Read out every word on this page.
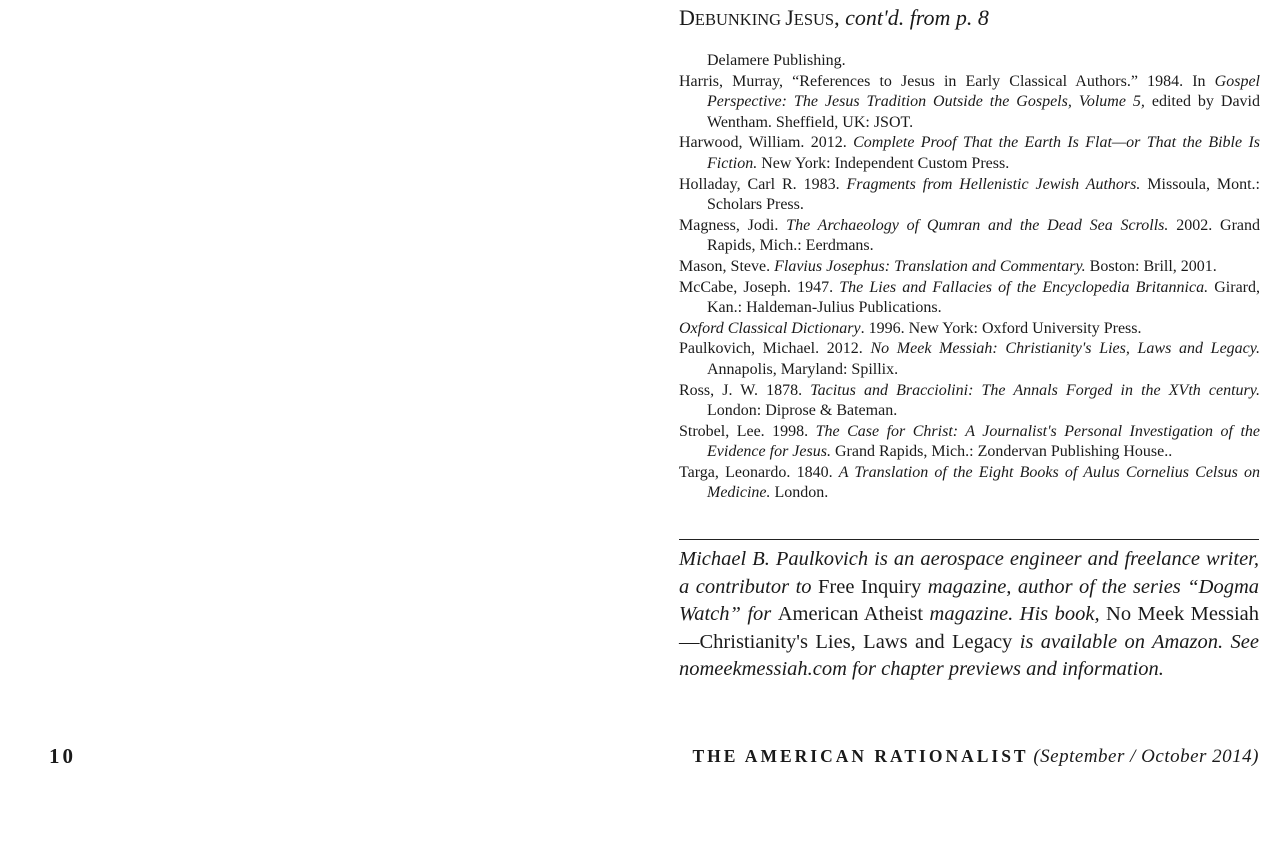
DEBUNKING JESUS, cont'd. from p. 8

Delamere Publishing.

Harris, Murray, “References to Jesus in Early Classical Authors.” 1984. In Gospel Perspective: The Jesus Tradition Outside the Gospels, Volume 5, edited by David Wentham. Sheffield, UK: JSOT.

Harwood, William. 2012. Complete Proof That the Earth Is Flat—or That the Bible Is Fiction. New York: Independent Custom Press.

Holladay, Carl R. 1983. Fragments from Hellenistic Jewish Authors. Missoula, Mont.: Scholars Press.

Magness, Jodi. The Archaeology of Qumran and the Dead Sea Scrolls. 2002. Grand Rapids, Mich.: Eerdmans.

Mason, Steve. Flavius Josephus: Translation and Commentary. Boston: Brill, 2001.

McCabe, Joseph. 1947. The Lies and Fallacies of the Encyclopedia Britannica. Girard, Kan.: Haldeman-Julius Publications.

Oxford Classical Dictionary. 1996. New York: Oxford University Press.

Paulkovich, Michael. 2012. No Meek Messiah: Christianity's Lies, Laws and Legacy. Annapolis, Maryland: Spillix.

Ross, J. W. 1878. Tacitus and Bracciolini: The Annals Forged in the XVth century. London: Diprose & Bateman.

Strobel, Lee. 1998. The Case for Christ: A Journalist's Personal Investigation of the Evidence for Jesus. Grand Rapids, Mich.: Zondervan Publishing House..

Targa, Leonardo. 1840. A Translation of the Eight Books of Aulus Cornelius Celsus on Medicine. London.

Michael B. Paulkovich is an aerospace engineer and freelance writer, a contributor to Free Inquiry magazine, author of the series “Dogma Watch” for American Atheist magazine. His book, No Meek Messiah—Christianity's Lies, Laws and Legacy is available on Amazon. See nomeekmessiah.com for chapter previews and information.

10	THE AMERICAN RATIONALIST (September / October 2014)
